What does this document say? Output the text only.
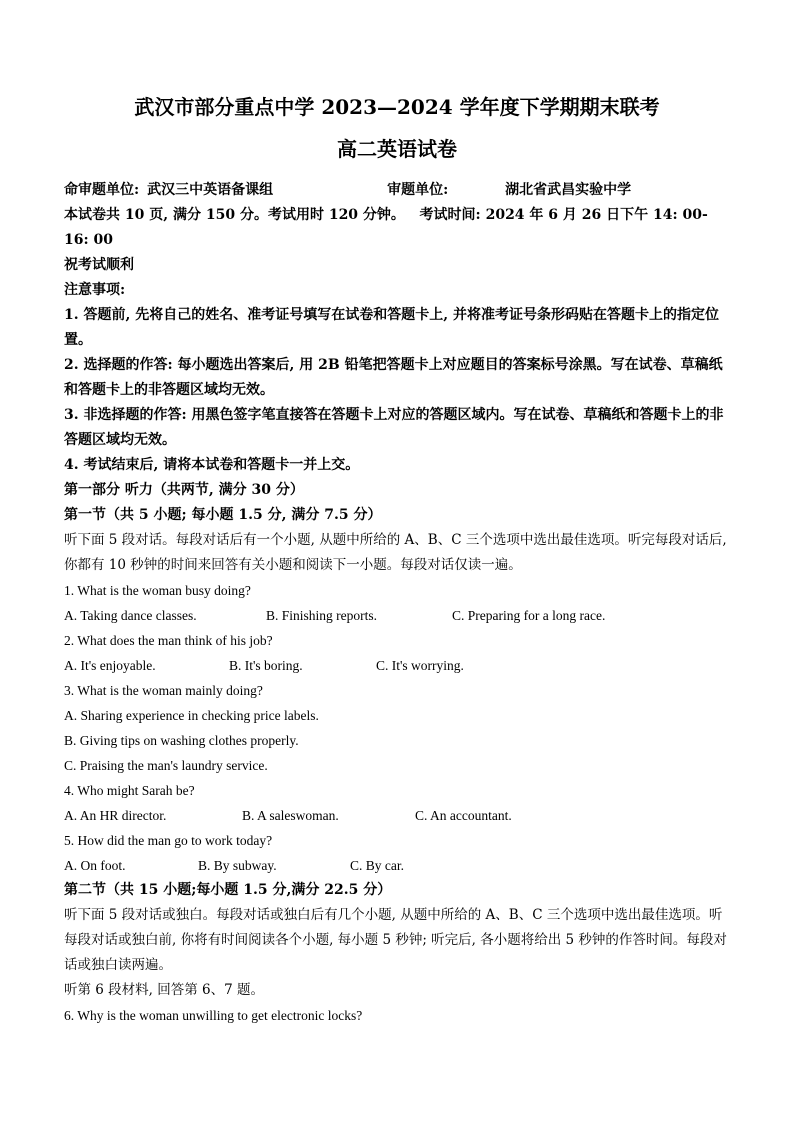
武汉市部分重点中学 2023—2024 学年度下学期期末联考
高二英语试卷
命审题单位: 武汉三中英语备课组	审题单位:	湖北省武昌实验中学
本试卷共 10 页, 满分 150 分。考试用时 120 分钟。   考试时间: 2024 年 6 月 26 日下午 14: 00-
16: 00
祝考试顺利
注意事项:
1. 答题前, 先将自己的姓名、准考证号填写在试卷和答题卡上, 并将准考证号条形码贴在答题卡上的指定位置。
2. 选择题的作答: 每小题选出答案后, 用 2B 铅笔把答题卡上对应题目的答案标号涂黑。写在试卷、草稿纸和答题卡上的非答题区域均无效。
3. 非选择题的作答: 用黑色签字笔直接答在答题卡上对应的答题区域内。写在试卷、草稿纸和答题卡上的非答题区域均无效。
4. 考试结束后, 请将本试卷和答题卡一并上交。
第一部分 听力（共两节, 满分 30 分）
第一节（共 5 小题; 每小题 1.5 分, 满分 7.5 分）
听下面 5 段对话。每段对话后有一个小题, 从题中所给的 A、B、C 三个选项中选出最佳选项。听完每段对话后, 你都有 10 秒钟的时间来回答有关小题和阅读下一小题。每段对话仅读一遍。
1. What is the woman busy doing?
A. Taking dance classes.	B. Finishing reports.	C. Preparing for a long race.
2. What does the man think of his job?
A. It's enjoyable.	B. It's boring.	C. It's worrying.
3. What is the woman mainly doing?
A. Sharing experience in checking price labels.
B. Giving tips on washing clothes properly.
C. Praising the man's laundry service.
4. Who might Sarah be?
A. An HR director.	B. A saleswoman.	C. An accountant.
5. How did the man go to work today?
A. On foot.	B. By subway.	C. By car.
第二节（共 15 小题;每小题 1.5 分,满分 22.5 分）
听下面 5 段对话或独白。每段对话或独白后有几个小题, 从题中所给的 A、B、C 三个选项中选出最佳选项。听每段对话或独白前, 你将有时间阅读各个小题, 每小题 5 秒钟; 听完后, 各小题将给出 5 秒钟的作答时间。每段对话或独白读两遍。
听第 6 段材料, 回答第 6、7 题。
6. Why is the woman unwilling to get electronic locks?
